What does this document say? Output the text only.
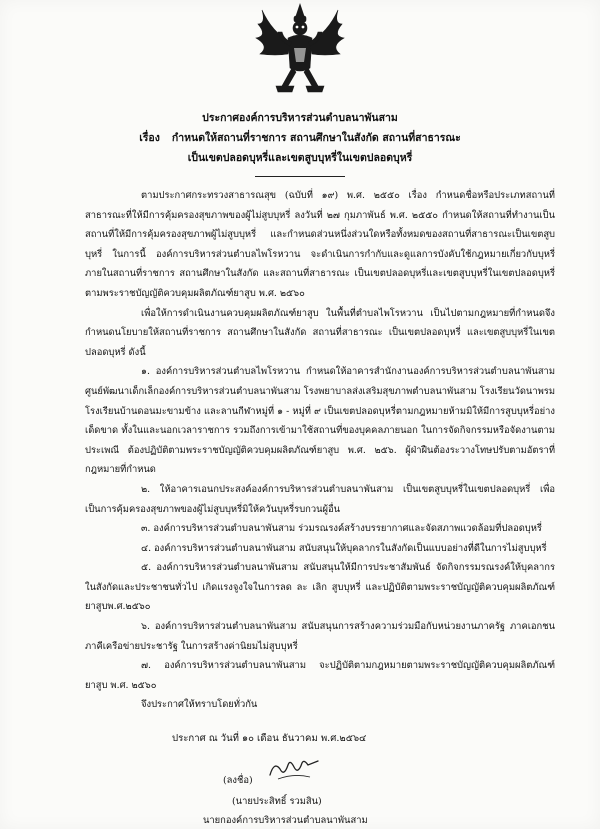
ประกาศองค์การบริหารส่วนตำบลนาพันสาม
เรื่อง กำหนดให้สถานที่ราชการ สถานศึกษาในสังกัด สถานที่สาธารณะ
เป็นเขตปลอดบุหรี่และเขตสูบบุหรี่ในเขตปลอดบุหรี่

ตามประกาศกระทรวงสาธารณสุข (ฉบับที่ ๑๙) พ.ศ. ๒๕๕๐ เรื่อง กำหนดชื่อหรือประเภทสถานที่สาธารณะที่ให้มีการคุ้มครองสุขภาพของผู้ไม่สูบบุหรี่ ลงวันที่ ๒๗ กุมภาพันธ์ พ.ศ. ๒๕๕๐ กำหนดให้สถานที่ทำงานเป็นสถานที่ให้มีการคุ้มครองสุขภาพผู้ไม่สูบบุหรี่ และกำหนดส่วนหนึ่งส่วนใดหรือทั้งหมดของสถานที่สาธารณะเป็นเขตสูบบุหรี่ ในการนี้ องค์การบริหารส่วนตำบลไพโรหวาน จะดำเนินการกำกับและดูแลการบังคับใช้กฎหมายเกี่ยวกับบุหรี่ภายในสถานที่ราชการ สถานศึกษาในสังกัด และสถานที่สาธารณะ เป็นเขตปลอดบุหรี่และเขตสูบบุหรี่ในเขตปลอดบุหรี่ ตามพระราชบัญญัติควบคุมผลิตภัณฑ์ยาสูบ พ.ศ. ๒๕๖๐

เพื่อให้การดำเนินงานควบคุมผลิตภัณฑ์ยาสูบ ในพื้นที่ตำบลไพโรหวาน เป็นไปตามกฎหมายที่กำหนดจึงกำหนดนโยบายให้สถานที่ราชการ สถานศึกษาในสังกัด สถานที่สาธารณะ เป็นเขตปลอดบุหรี่ และเขตสูบบุหรี่ในเขตปลอดบุหรี่ ดังนี้

๑. องค์การบริหารส่วนตำบลไพโรหวาน กำหนดให้อาคารสำนักงานองค์การบริหารส่วนตำบลนาพันสาม ศูนย์พัฒนาเด็กเล็กองค์การบริหารส่วนตำบลนาพันสาม โรงพยาบาลส่งเสริมสุขภาพตำบลนาพันสาม โรงเรียนวัดนาพรม โรงเรียนบ้านดอนมะขามข้าง และลานกีฬาหมู่ที่ ๑ - หมู่ที่ ๙ เป็นเขตปลอดบุหรี่ตามกฎหมายห้ามมิให้มีการสูบบุหรี่อย่างเด็ดขาด ทั้งในและนอกเวลาราชการ รวมถึงการเข้ามาใช้สถานที่ของบุคคลภายนอก ในการจัดกิจกรรมหรือจัดงานตามประเพณี ต้องปฏิบัติตามพระราชบัญญัติควบคุมผลิตภัณฑ์ยาสูบ พ.ศ. ๒๕๖. ผู้ฝ่าฝืนต้องระวางโทษปรับตามอัตราที่กฎหมายที่กำหนด

๒. ให้อาคารเอนกประสงค์องค์การบริหารส่วนตำบลนาพันสาม เป็นเขตสูบบุหรี่ในเขตปลอดบุหรี่ เพื่อเป็นการคุ้มครองสุขภาพของผู้ไม่สูบบุหรี่มิให้ควันบุหรี่รบกวนผู้อื่น

๓. องค์การบริหารส่วนตำบลนาพันสาม ร่วมรณรงค์สร้างบรรยากาศและจัดสภาพแวดล้อมที่ปลอดบุหรี่

๔. องค์การบริหารส่วนตำบลนาพันสาม สนับสนุนให้บุคลากรในสังกัดเป็นแบบอย่างที่ดีในการไม่สูบบุหรี่

๕. องค์การบริหารส่วนตำบลนาพันสาม สนับสนุนให้มีการประชาสัมพันธ์ จัดกิจกรรมรณรงค์ให้บุคลากรในสังกัดและประชาชนทั่วไป เกิดแรงจูงใจในการลด ละ เลิก สูบบุหรี่ และปฏิบัติตามพระราชบัญญัติควบคุมผลิตภัณฑ์ยาสูบพ.ศ.๒๕๖๐

๖. องค์การบริหารส่วนตำบลนาพันสาม สนับสนุนการสร้างความร่วมมือกับหน่วยงานภาครัฐ ภาคเอกชนภาคีเครือข่ายประชารัฐ ในการสร้างค่านิยมไม่สูบบุหรี่

๗. องค์การบริหารส่วนตำบลนาพันสาม จะปฏิบัติตามกฎหมายตามพระราชบัญญัติควบคุมผลิตภัณฑ์ยาสูบ พ.ศ. ๒๕๖๐

จึงประกาศให้ทราบโดยทั่วกัน

ประกาศ ณ วันที่ ๑๐ เดือน ธันวาคม พ.ศ.๒๕๖๔
(ลงชื่อ)
(นายประสิทธิ์ รวมสิน)
นายกองค์การบริหารส่วนตำบลนาพันสาม
